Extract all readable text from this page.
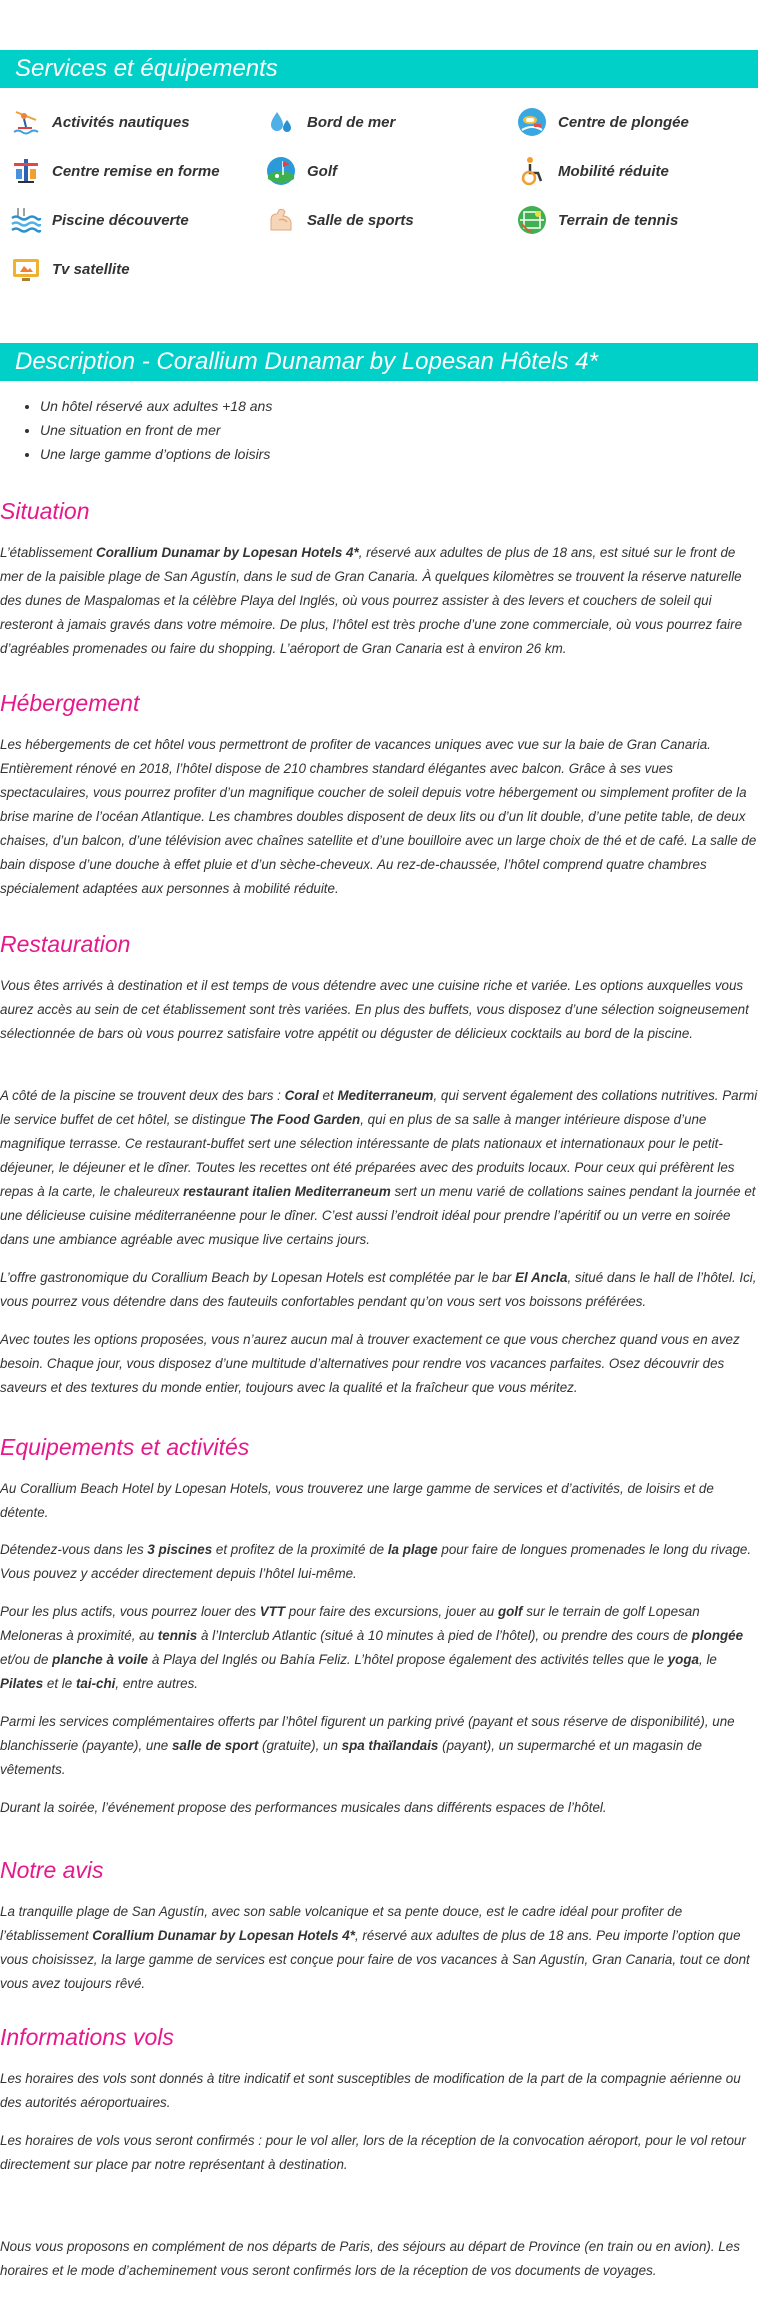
Services et équipements
Activités nautiques	Bord de mer	Centre de plongée
Centre remise en forme	Golf	Mobilité réduite
Piscine découverte	Salle de sports	Terrain de tennis
Tv satellite
Description - Corallium Dunamar by Lopesan Hôtels 4*
• Un hôtel réservé aux adultes +18 ans
• Une situation en front de mer
• Une large gamme d’options de loisirs
Situation

L’établissement Corallium Dunamar by Lopesan Hotels 4*, réservé aux adultes de plus de 18 ans, est situé sur le front de mer de la paisible plage de San Agustín, dans le sud de Gran Canaria. À quelques kilomètres se trouvent la réserve naturelle des dunes de Maspalomas et la célèbre Playa del Inglés, où vous pourrez assister à des levers et couchers de soleil qui resteront à jamais gravés dans votre mémoire. De plus, l’hôtel est très proche d’une zone commerciale, où vous pourrez faire d’agréables promenades ou faire du shopping. L’aéroport de Gran Canaria est à environ 26 km.

Hébergement

Les hébergements de cet hôtel vous permettront de profiter de vacances uniques avec vue sur la baie de Gran Canaria. Entièrement rénové en 2018, l’hôtel dispose de 210 chambres standard élégantes avec balcon. Grâce à ses vues spectaculaires, vous pourrez profiter d’un magnifique coucher de soleil depuis votre hébergement ou simplement profiter de la brise marine de l’océan Atlantique. Les chambres doubles disposent de deux lits ou d’un lit double, d’une petite table, de deux chaises, d’un balcon, d’une télévision avec chaînes satellite et d’une bouilloire avec un large choix de thé et de café. La salle de bain dispose d’une douche à effet pluie et d’un sèche-cheveux. Au rez-de-chaussée, l’hôtel comprend quatre chambres spécialement adaptées aux personnes à mobilité réduite.

Restauration

Vous êtes arrivés à destination et il est temps de vous détendre avec une cuisine riche et variée. Les options auxquelles vous aurez accès au sein de cet établissement sont très variées. En plus des buffets, vous disposez d’une sélection soigneusement sélectionnée de bars où vous pourrez satisfaire votre appétit ou déguster de délicieux cocktails au bord de la piscine.

A côté de la piscine se trouvent deux des bars : Coral et Mediterraneum, qui servent également des collations nutritives. Parmi le service buffet de cet hôtel, se distingue The Food Garden, qui en plus de sa salle à manger intérieure dispose d’une magnifique terrasse. Ce restaurant-buffet sert une sélection intéressante de plats nationaux et internationaux pour le petit-déjeuner, le déjeuner et le dîner. Toutes les recettes ont été préparées avec des produits locaux. Pour ceux qui préfèrent les repas à la carte, le chaleureux restaurant italien Mediterraneum sert un menu varié de collations saines pendant la journée et une délicieuse cuisine méditerranéenne pour le dîner. C’est aussi l’endroit idéal pour prendre l’apéritif ou un verre en soirée dans une ambiance agréable avec musique live certains jours.

L’offre gastronomique du Corallium Beach by Lopesan Hotels est complétée par le bar El Ancla, situé dans le hall de l’hôtel. Ici, vous pourrez vous détendre dans des fauteuils confortables pendant qu’on vous sert vos boissons préférées.

Avec toutes les options proposées, vous n’aurez aucun mal à trouver exactement ce que vous cherchez quand vous en avez besoin. Chaque jour, vous disposez d’une multitude d’alternatives pour rendre vos vacances parfaites. Osez découvrir des saveurs et des textures du monde entier, toujours avec la qualité et la fraîcheur que vous méritez.

Equipements et activités

Au Corallium Beach Hotel by Lopesan Hotels, vous trouverez une large gamme de services et d’activités, de loisirs et de détente.

Détendez-vous dans les 3 piscines et profitez de la proximité de la plage pour faire de longues promenades le long du rivage. Vous pouvez y accéder directement depuis l’hôtel lui-même.

Pour les plus actifs, vous pourrez louer des VTT pour faire des excursions, jouer au golf sur le terrain de golf Lopesan Meloneras à proximité, au tennis à l’Interclub Atlantic (situé à 10 minutes à pied de l’hôtel), ou prendre des cours de plongée et/ou de planche à voile à Playa del Inglés ou Bahía Feliz. L’hôtel propose également des activités telles que le yoga, le Pilates et le tai-chi, entre autres.

Parmi les services complémentaires offerts par l’hôtel figurent un parking privé (payant et sous réserve de disponibilité), une blanchisserie (payante), une salle de sport (gratuite), un spa thaïlandais (payant), un supermarché et un magasin de vêtements.

Durant la soirée, l’événement propose des performances musicales dans différents espaces de l’hôtel.

Notre avis

La tranquille plage de San Agustín, avec son sable volcanique et sa pente douce, est le cadre idéal pour profiter de l’établissement Corallium Dunamar by Lopesan Hotels 4*, réservé aux adultes de plus de 18 ans. Peu importe l’option que vous choisissez, la large gamme de services est conçue pour faire de vos vacances à San Agustín, Gran Canaria, tout ce dont vous avez toujours rêvé.

Informations vols

Les horaires des vols sont donnés à titre indicatif et sont susceptibles de modification de la part de la compagnie aérienne ou des autorités aéroportuaires.

Les horaires de vols vous seront confirmés : pour le vol aller, lors de la réception de la convocation aéroport, pour le vol retour directement sur place par notre représentant à destination.

Nous vous proposons en complément de nos départs de Paris, des séjours au départ de Province (en train ou en avion). Les horaires et le mode d’acheminement vous seront confirmés lors de la réception de vos documents de voyages.
